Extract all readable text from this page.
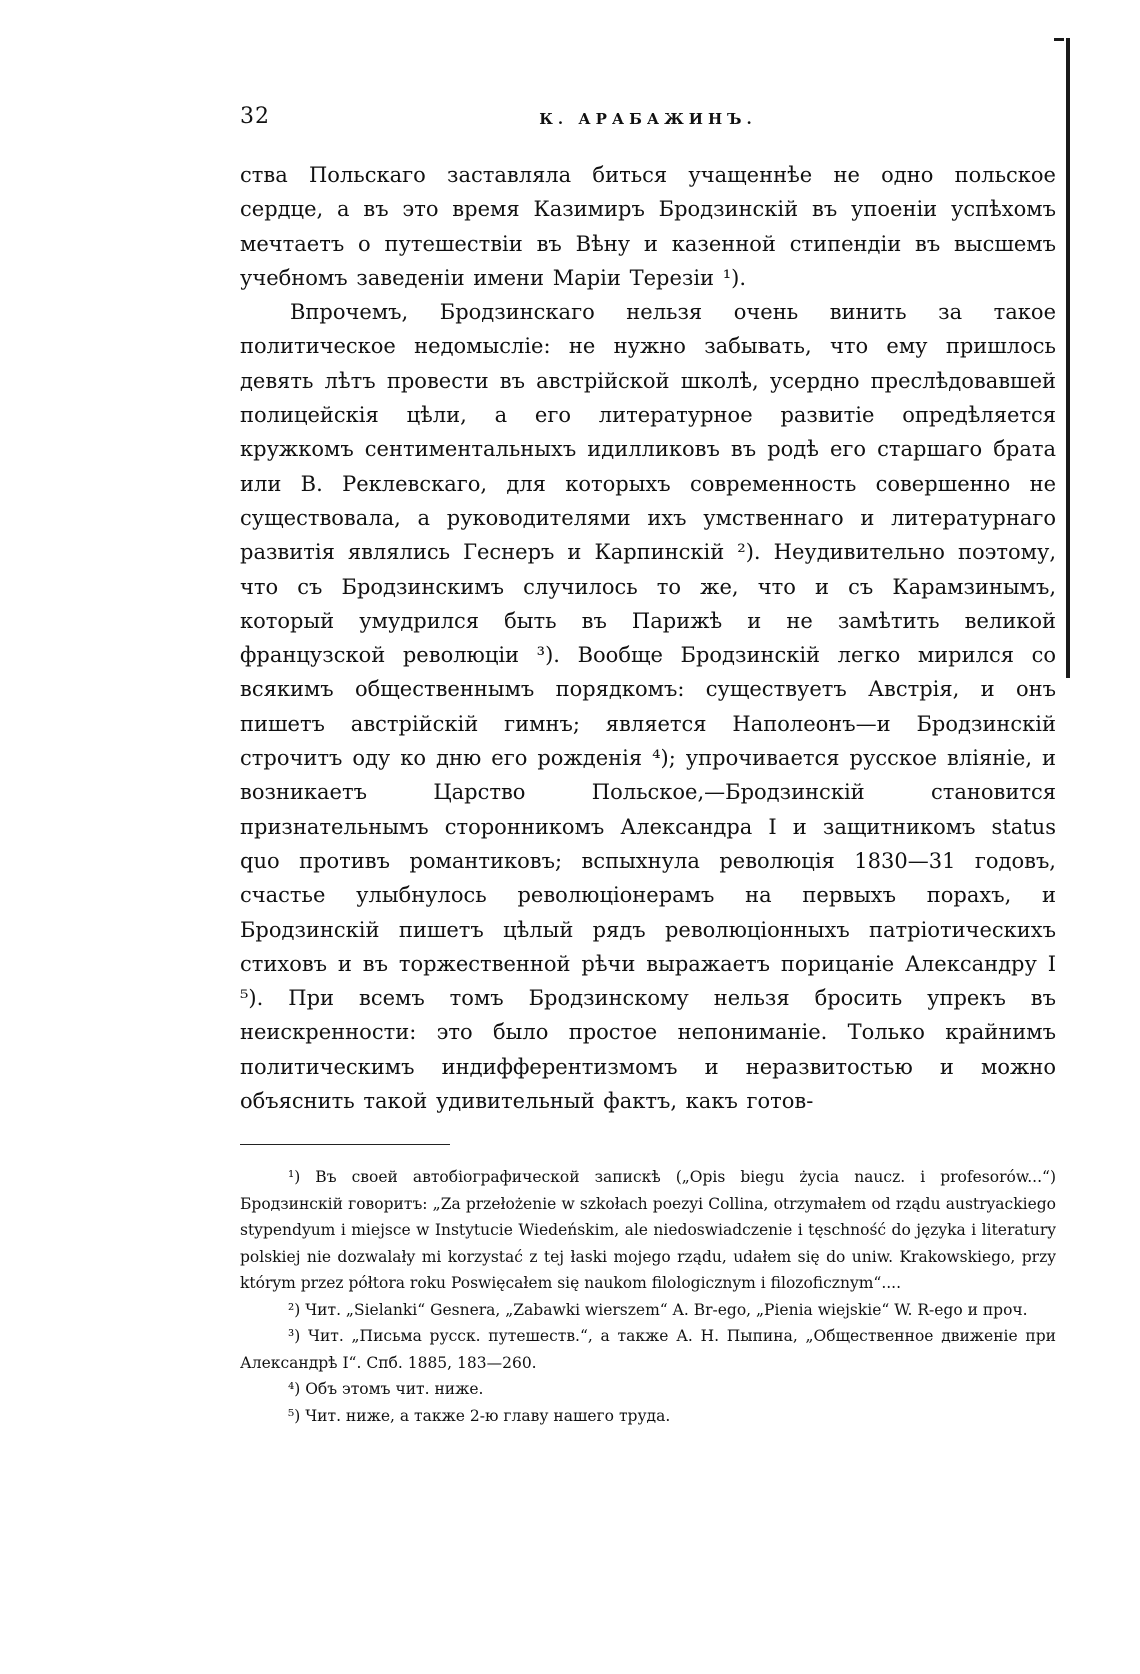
32	К. АРАБАЖИНЪ.

ства Польскаго заставляла биться учащеннѣе не одно польское сердце, а въ это время Казимиръ Бродзинскій въ упоеніи успѣхомъ мечтаетъ о путешествіи въ Вѣну и казенной стипендіи въ высшемъ учебномъ заведеніи имени Маріи Терезіи ¹).

Впрочемъ, Бродзинскаго нельзя очень винить за такое политическое недомысліе: не нужно забывать, что ему пришлось девять лѣтъ провести въ австрійской школѣ, усердно преслѣдовавшей полицейскія цѣли, а его литературное развитіе опредѣляется кружкомъ сентиментальныхъ идилликовъ въ родѣ его старшаго брата или В. Реклевскаго, для которыхъ современность совершенно не существовала, а руководителями ихъ умственнаго и литературнаго развитія являлись Геснеръ и Карпинскій ²). Неудивительно поэтому, что съ Бродзинскимъ случилось то же, что и съ Карамзинымъ, который умудрился быть въ Парижѣ и не замѣтить великой французской революціи ³). Вообще Бродзинскій легко мирился со всякимъ общественнымъ порядкомъ: существуетъ Австрія, и онъ пишетъ австрійскій гимнъ; является Наполеонъ—и Бродзинскій строчитъ оду ко дню его рожденія ⁴); упрочивается русское вліяніе, и возникаетъ Царство Польское,—Бродзинскій становится признательнымъ сторонникомъ Александра I и защитникомъ status quo противъ романтиковъ; вспыхнула революція 1830—31 годовъ, счастье улыбнулось революціонерамъ на первыхъ порахъ, и Бродзинскій пишетъ цѣлый рядъ революціонныхъ патріотическихъ стиховъ и въ торжественной рѣчи выражаетъ порицаніе Александру I ⁵). При всемъ томъ Бродзинскому нельзя бросить упрекъ въ неискренности: это было простое непониманіе. Только крайнимъ политическимъ индифферентизмомъ и неразвитостью и можно объяснить такой удивительный фактъ, какъ готов-

¹) Въ своей автобіографической запискѣ („Opis biegu życia naucz. i profesorów...“) Бродзинскій говоритъ: „Za przełożenie w szkołach poezyi Collina, otrzymałem od rządu austryackiego stypendyum i miejsce w Instytucie Wiedeńskim, ale niedoswiadczenie i tęschność do języka i literatury polskiej nie dozwalały mi korzystać z tej łaski mojego rządu, udałem się do uniw. Krakowskiego, przy którym przez półtora roku Poswięcałem się naukom filologicznym i filozoficznym“....

²) Чит. „Sielanki“ Gesnera, „Zabawki wierszem“ A. Br-ego, „Pienia wiejskie“ W. R-ego и проч.

³) Чит. „Письма русск. путешеств.“, а также А. Н. Пыпина, „Общественное движеніе при Александрѣ I“. Спб. 1885, 183—260.

⁴) Объ этомъ чит. ниже.

⁵) Чит. ниже, а также 2-ю главу нашего труда.
